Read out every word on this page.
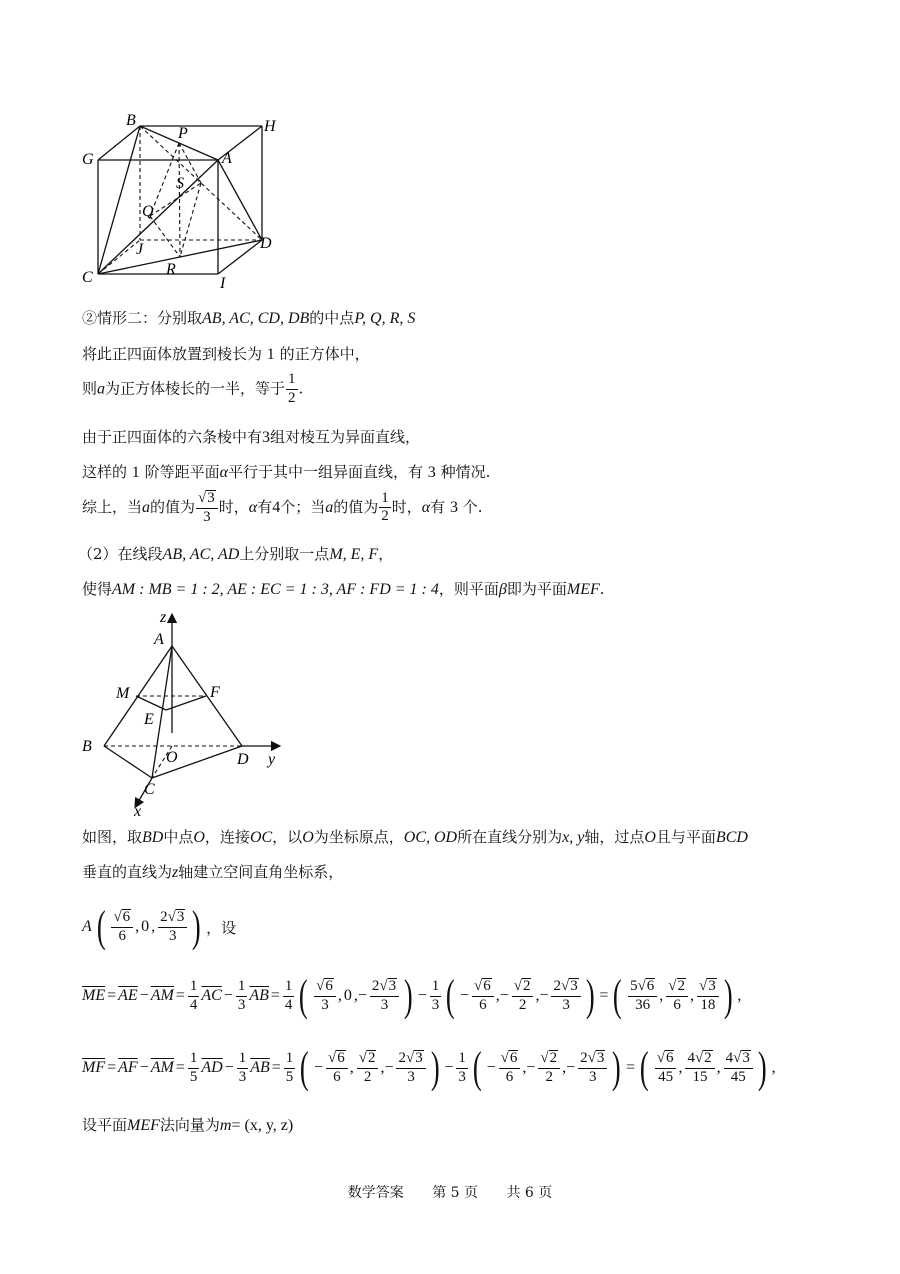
B
P	H
G	A
S
Q
D
J
C	R
I
②情形二：分别取AB, AC, CD, DB的中点P, Q, R, S
将此正四面体放置到棱长为 1 的正方体中，
则a为正方体棱长的一半，等于 $\frac{1}{2}$ .
由于正四面体的六条棱中有3组对棱互为异面直线，
这样的 1 阶等距平面α平行于其中一组异面直线，有 3 种情况.
综上，当a的值为 $\frac{√3}{3}$ 时，α有4个；当a的值为 $\frac{1}{2}$ 时，α有 3 个.
（2）在线段AB, AC, AD上分别取一点M, E, F，
使得AM : MB = 1 : 2, AE : EC = 1 : 3, AF : FD = 1 : 4，则平面β即为平面MEF.
z
A
M	F
E
B
O	D y
C
x
如图，取BD中点O，连接OC，以O为坐标原点，OC, OD所在直线分别为x, y轴，过点O且与平面BCD
垂直的直线为z轴建立空间直角坐标系，
A ( $\frac{√6}{6}$ , 0 , $\frac{2√3}{3}$ ) ，设
$\overline{ME} = \overline{AE} - \overline{AM} = \frac{1}{4} \overline{AC} - \frac{1}{3} \overline{AB} = \frac{1}{4}$ ( $\frac{√6}{3}$ , 0 ,− $\frac{2√3}{3}$ ) − $\frac{1}{3}$ ( − $\frac{√6}{6}$ ,− $\frac{√2}{2}$ ,− $\frac{2√3}{3}$ ) = ( $\frac{5√6}{36}$ , $\frac{√2}{6}$ , $\frac{√3}{18}$ ) ,
$\overline{MF} = \overline{AF} - \overline{AM} = \frac{1}{5} \overline{AD} - \frac{1}{3} \overline{AB} = \frac{1}{5}$ ( − $\frac{√6}{6}$ , $\frac{√2}{2}$ ,− $\frac{2√3}{3}$ ) − $\frac{1}{3}$ ( − $\frac{√6}{6}$ ,− $\frac{√2}{2}$ ,− $\frac{2√3}{3}$ ) = ( $\frac{√6}{45}$ , $\frac{4√2}{15}$ , $\frac{4√3}{45}$ ) ,
设平面MEF法向量为m= (x, y, z)
数学答案 第 5 页 共 6 页
